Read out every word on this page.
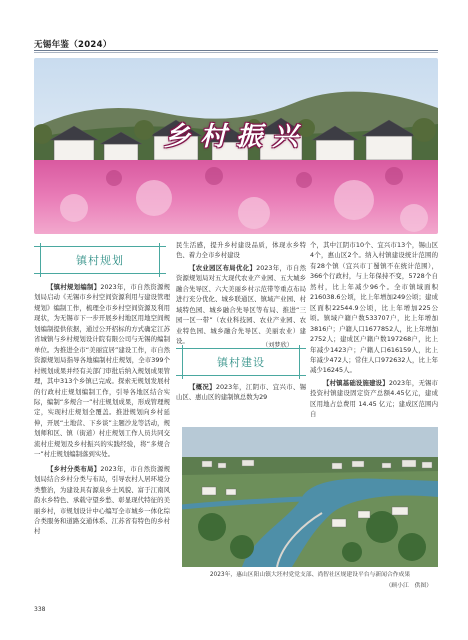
无锡年鉴（2024）
乡村振兴
镇村规划

【镇村规划编制】2023年，市自然资源规划局启动《无锡市乡村空间资源利用与建设管理规划》编制工作，梳理全市乡村空间资源及利用现状，为无锡市下一步开展乡村地区用地空间规划编制提供依据，通过公开招标的方式确定江苏省城镇与乡村规划设计院有限公司与无锡的编制单位。为推进全市“美丽宜居”建设工作，市自然资源规划局指导各地编制村庄规划，全市399个村规划成果并经有关部门审批后纳入规划成果管理，其中313个乡镇已完成。探索无规划发展村的行政村庄规划编制工作，引导各地区结合实际，编制“多规合一”村庄规划成果，形成管理规定，实现村庄规划全覆盖。推进规划向乡村延伸，开展“土地营、下乡谈”主题沙龙等活动，规划师和区、镇（街道）村庄规划工作人员共同交流村庄规划及乡村振兴的实践经验，将“多规合一”村庄规划编制落到实处。

【乡村分类布局】2023年，市自然资源规划局结合乡村分类与布局，引导农村人居环境分类整治，为建设具有源泉乡土风貌、富于江南风韵水乡特色、承载守望乡愁、彰显现代特征的美丽乡村，市规划设计中心编写全市城乡一体化综合类服务和道路交通体系、江苏省有特色的乡村村

民生活感，提升乡村建设品质，体现水乡特色、着力全市乡村建设

【农业园区布局优化】2023年，市自然资源规划局对五大现代农业产业园、五大城乡融合先导区、六大美丽乡村示范带等重点布局进行充分优化、城乡联通区、镇域产业园、村域特色园、城乡融合先导区等布局、推进“三园一区一带”（农业科技园、农业产业园、农业特色园、城乡融合先导区、美丽农业）建设。

（刘梦欣）
镇村建设

【概况】2023年，江阴市、宜兴市、锡山区、惠山区的建制镇总数为29

个，其中江阴市10个、宜兴市13个，锡山区4个，惠山区2个。纳入村镇建设统计范围的有28个镇（宜兴市丁蜀镇不在统计范围），366个行政村，与上年保持不变，5728个自然村，比上年减少96个。全市镇域面积216038.6公顷，比上年增加249公顷；建成区面积22544.9公顷，比上年增加225公顷。镇域户籍户数533707户，比上年增加3816户；户籍人口1677852人，比上年增加2752人；建成区户籍户数197268户，比上年减少1423户；户籍人口616159人，比上年减少472人；常住人口972632人，比上年减少16245人。

【村镇基础设施建设】2023年，无锡市投资村镇建设固定资产总额4.45亿元，建成区用地占总费用 14.45 亿元；建成区范围内自

2023年，惠山区阳山镇大坯村党党支部、尚智社区规建设平台与新闻合作成果
（顾小江　供图）
338
